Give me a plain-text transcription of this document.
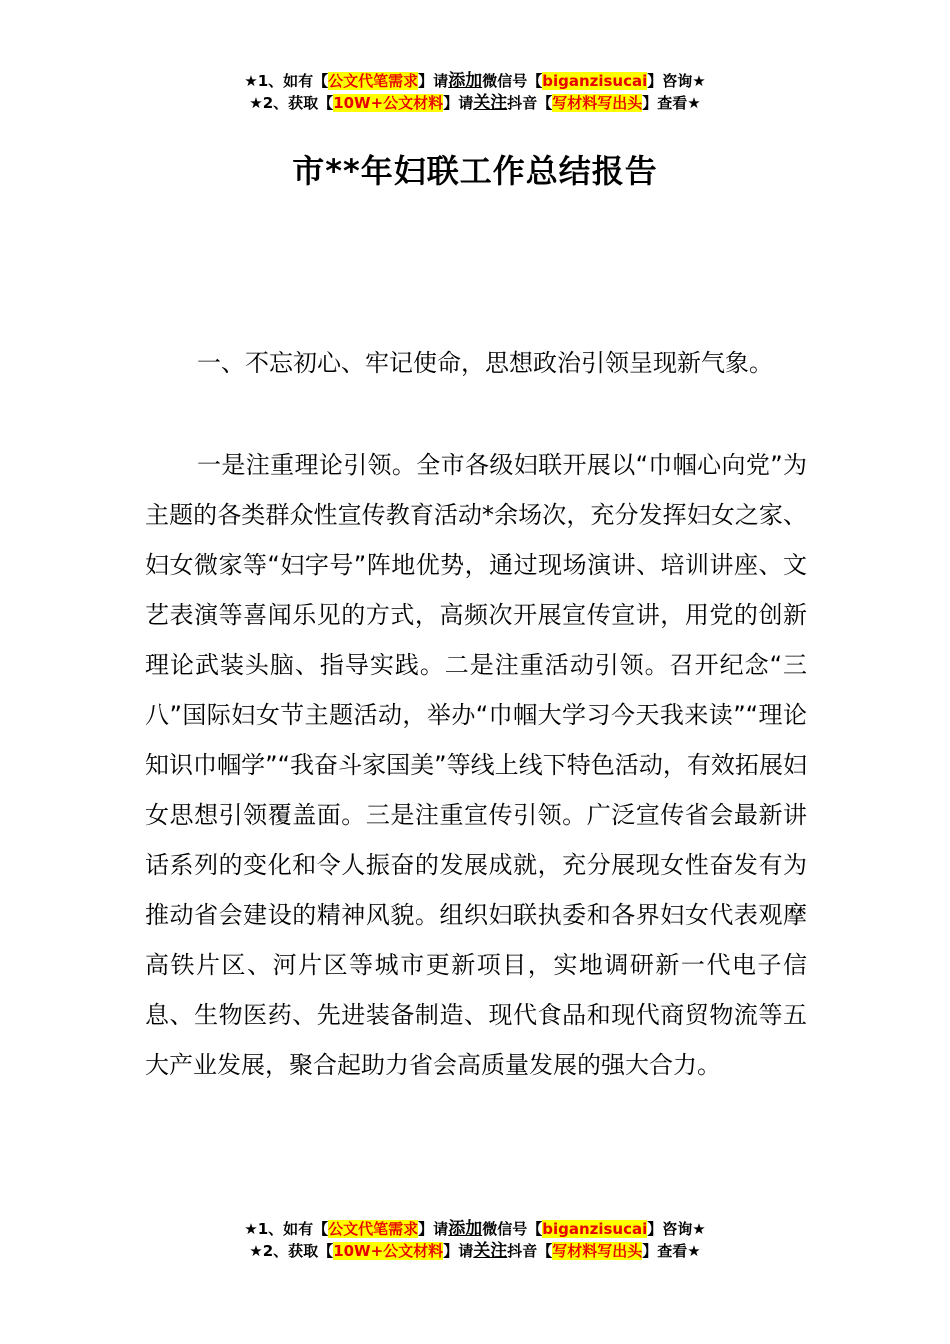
★1、如有【公文代笔需求】请添加微信号【biganzisucai】咨询★
★2、获取【10W+公文材料】请关注抖音【写材料写出头】查看★
市**年妇联工作总结报告
一、不忘初心、牢记使命，思想政治引领呈现新气象。
一是注重理论引领。全市各级妇联开展以“巾帼心向党”为主题的各类群众性宣传教育活动*余场次，充分发挥妇女之家、妇女微家等“妇字号”阵地优势，通过现场演讲、培训讲座、文艺表演等喜闻乐见的方式，高频次开展宣传宣讲，用党的创新理论武装头脑、指导实践。二是注重活动引领。召开纪念“三八”国际妇女节主题活动，举办“巾帼大学习今天我来读”“理论知识巾帼学”“我奋斗家国美”等线上线下特色活动，有效拓展妇女思想引领覆盖面。三是注重宣传引领。广泛宣传省会最新讲话系列的变化和令人振奋的发展成就，充分展现女性奋发有为推动省会建设的精神风貌。组织妇联执委和各界妇女代表观摩高铁片区、河片区等城市更新项目，实地调研新一代电子信息、生物医药、先进装备制造、现代食品和现代商贸物流等五大产业发展，聚合起助力省会高质量发展的强大合力。
★1、如有【公文代笔需求】请添加微信号【biganzisucai】咨询★
★2、获取【10W+公文材料】请关注抖音【写材料写出头】查看★
